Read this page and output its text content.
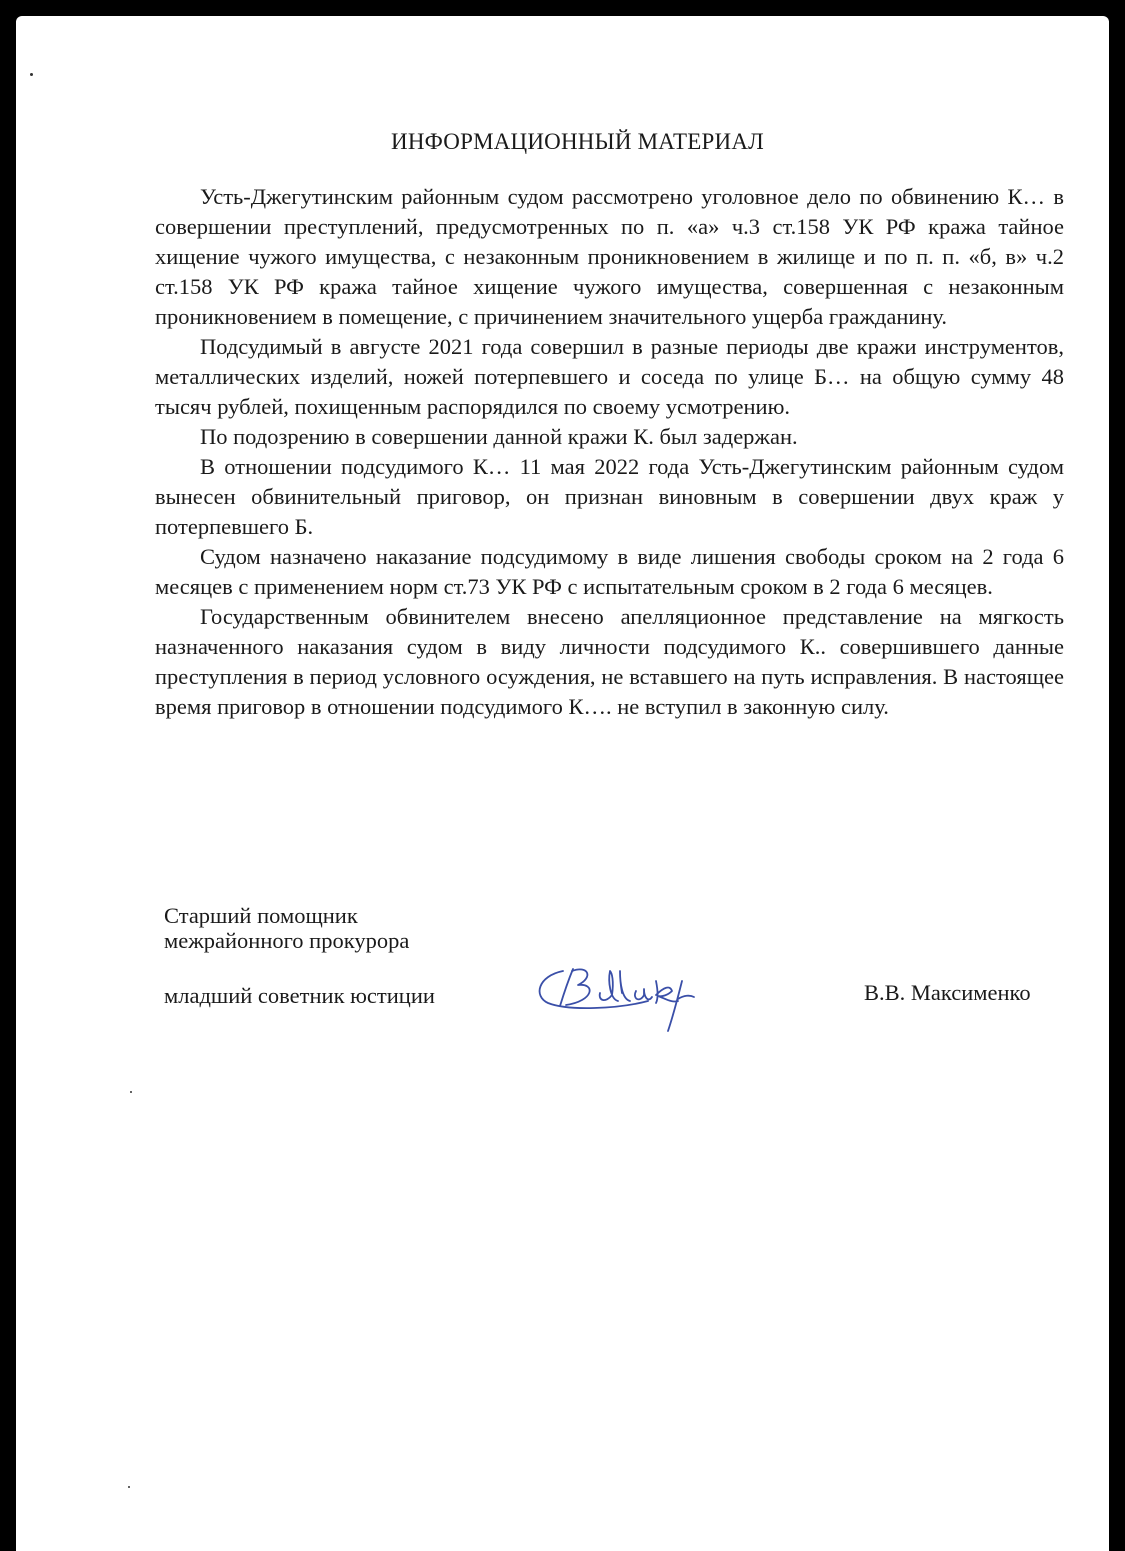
ИНФОРМАЦИОННЫЙ МАТЕРИАЛ

Усть-Джегутинским районным судом рассмотрено уголовное дело по обвинению К… в совершении преступлений, предусмотренных по п. «а» ч.3 ст.158 УК РФ кража тайное хищение чужого имущества, с незаконным проникновением в жилище и по п. п. «б, в» ч.2 ст.158 УК РФ кража тайное хищение чужого имущества, совершенная с незаконным проникновением в помещение, с причинением значительного ущерба гражданину.

Подсудимый в августе 2021 года совершил в разные периоды две кражи инструментов, металлических изделий, ножей потерпевшего и соседа по улице Б… на общую сумму 48 тысяч рублей, похищенным распорядился по своему усмотрению.

По подозрению в совершении данной кражи К. был задержан.

В отношении подсудимого К… 11 мая 2022 года Усть-Джегутинским районным судом вынесен обвинительный приговор, он признан виновным в совершении двух краж у потерпевшего Б.

Судом назначено наказание подсудимому в виде лишения свободы сроком на 2 года 6 месяцев с применением норм ст.73 УК РФ с испытательным сроком в 2 года 6 месяцев.

Государственным обвинителем внесено апелляционное представление на мягкость назначенного наказания судом в виду личности подсудимого К.. совершившего данные преступления в период условного осуждения, не вставшего на путь исправления. В настоящее время приговор в отношении подсудимого К…. не вступил в законную силу.

Старший помощник
межрайонного прокурора
младший советник юстиции	В.В. Максименко
